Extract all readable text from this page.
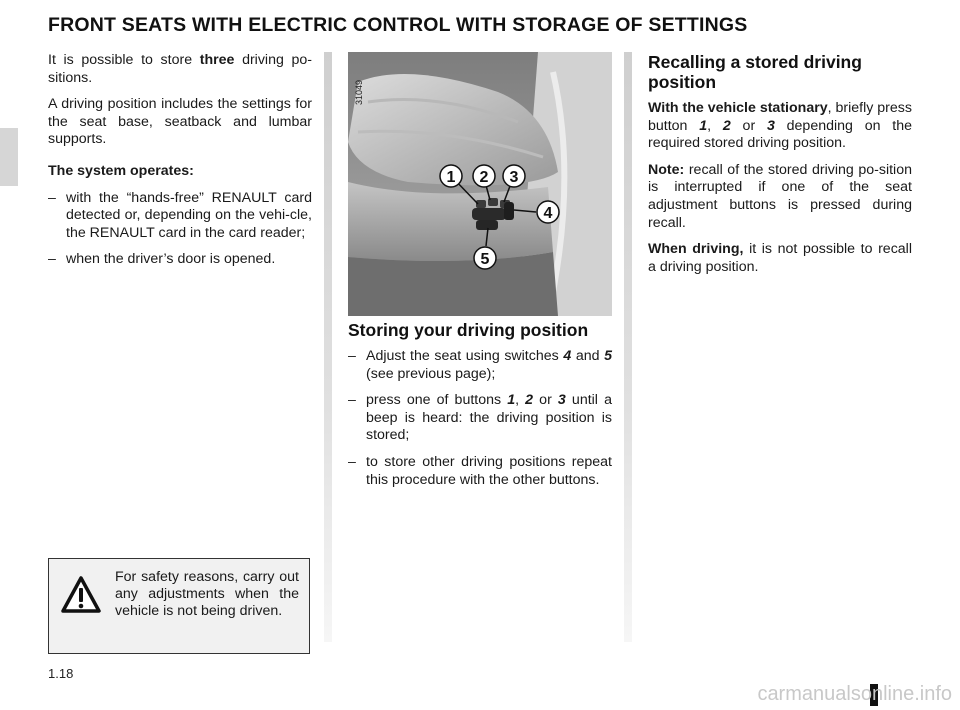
FRONT SEATS WITH ELECTRIC CONTROL WITH STORAGE OF SETTINGS

It is possible to store three driving po-sitions.

A driving position includes the settings for the seat base, seatback and lumbar supports.

The system operates:

– with the “hands-free” RENAULT card detected or, depending on the vehi-cle, the RENAULT card in the card reader;
– when the driver’s door is opened.
1 2 3
4
5
31049
Storing your driving position
– Adjust the seat using switches 4 and 5 (see previous page);
– press one of buttons 1, 2 or 3 until a beep is heard: the driving position is stored;
– to store other driving positions repeat this procedure with the other buttons.
Recalling a stored driving position

With the vehicle stationary, briefly press button 1, 2 or 3 depending on the required stored driving position.

Note: recall of the stored driving po-sition is interrupted if one of the seat adjustment buttons is pressed during recall.

When driving, it is not possible to recall a driving position.

For safety reasons, carry out any adjustments when the vehicle is not being driven.
1.18
carmanualsonline.info
